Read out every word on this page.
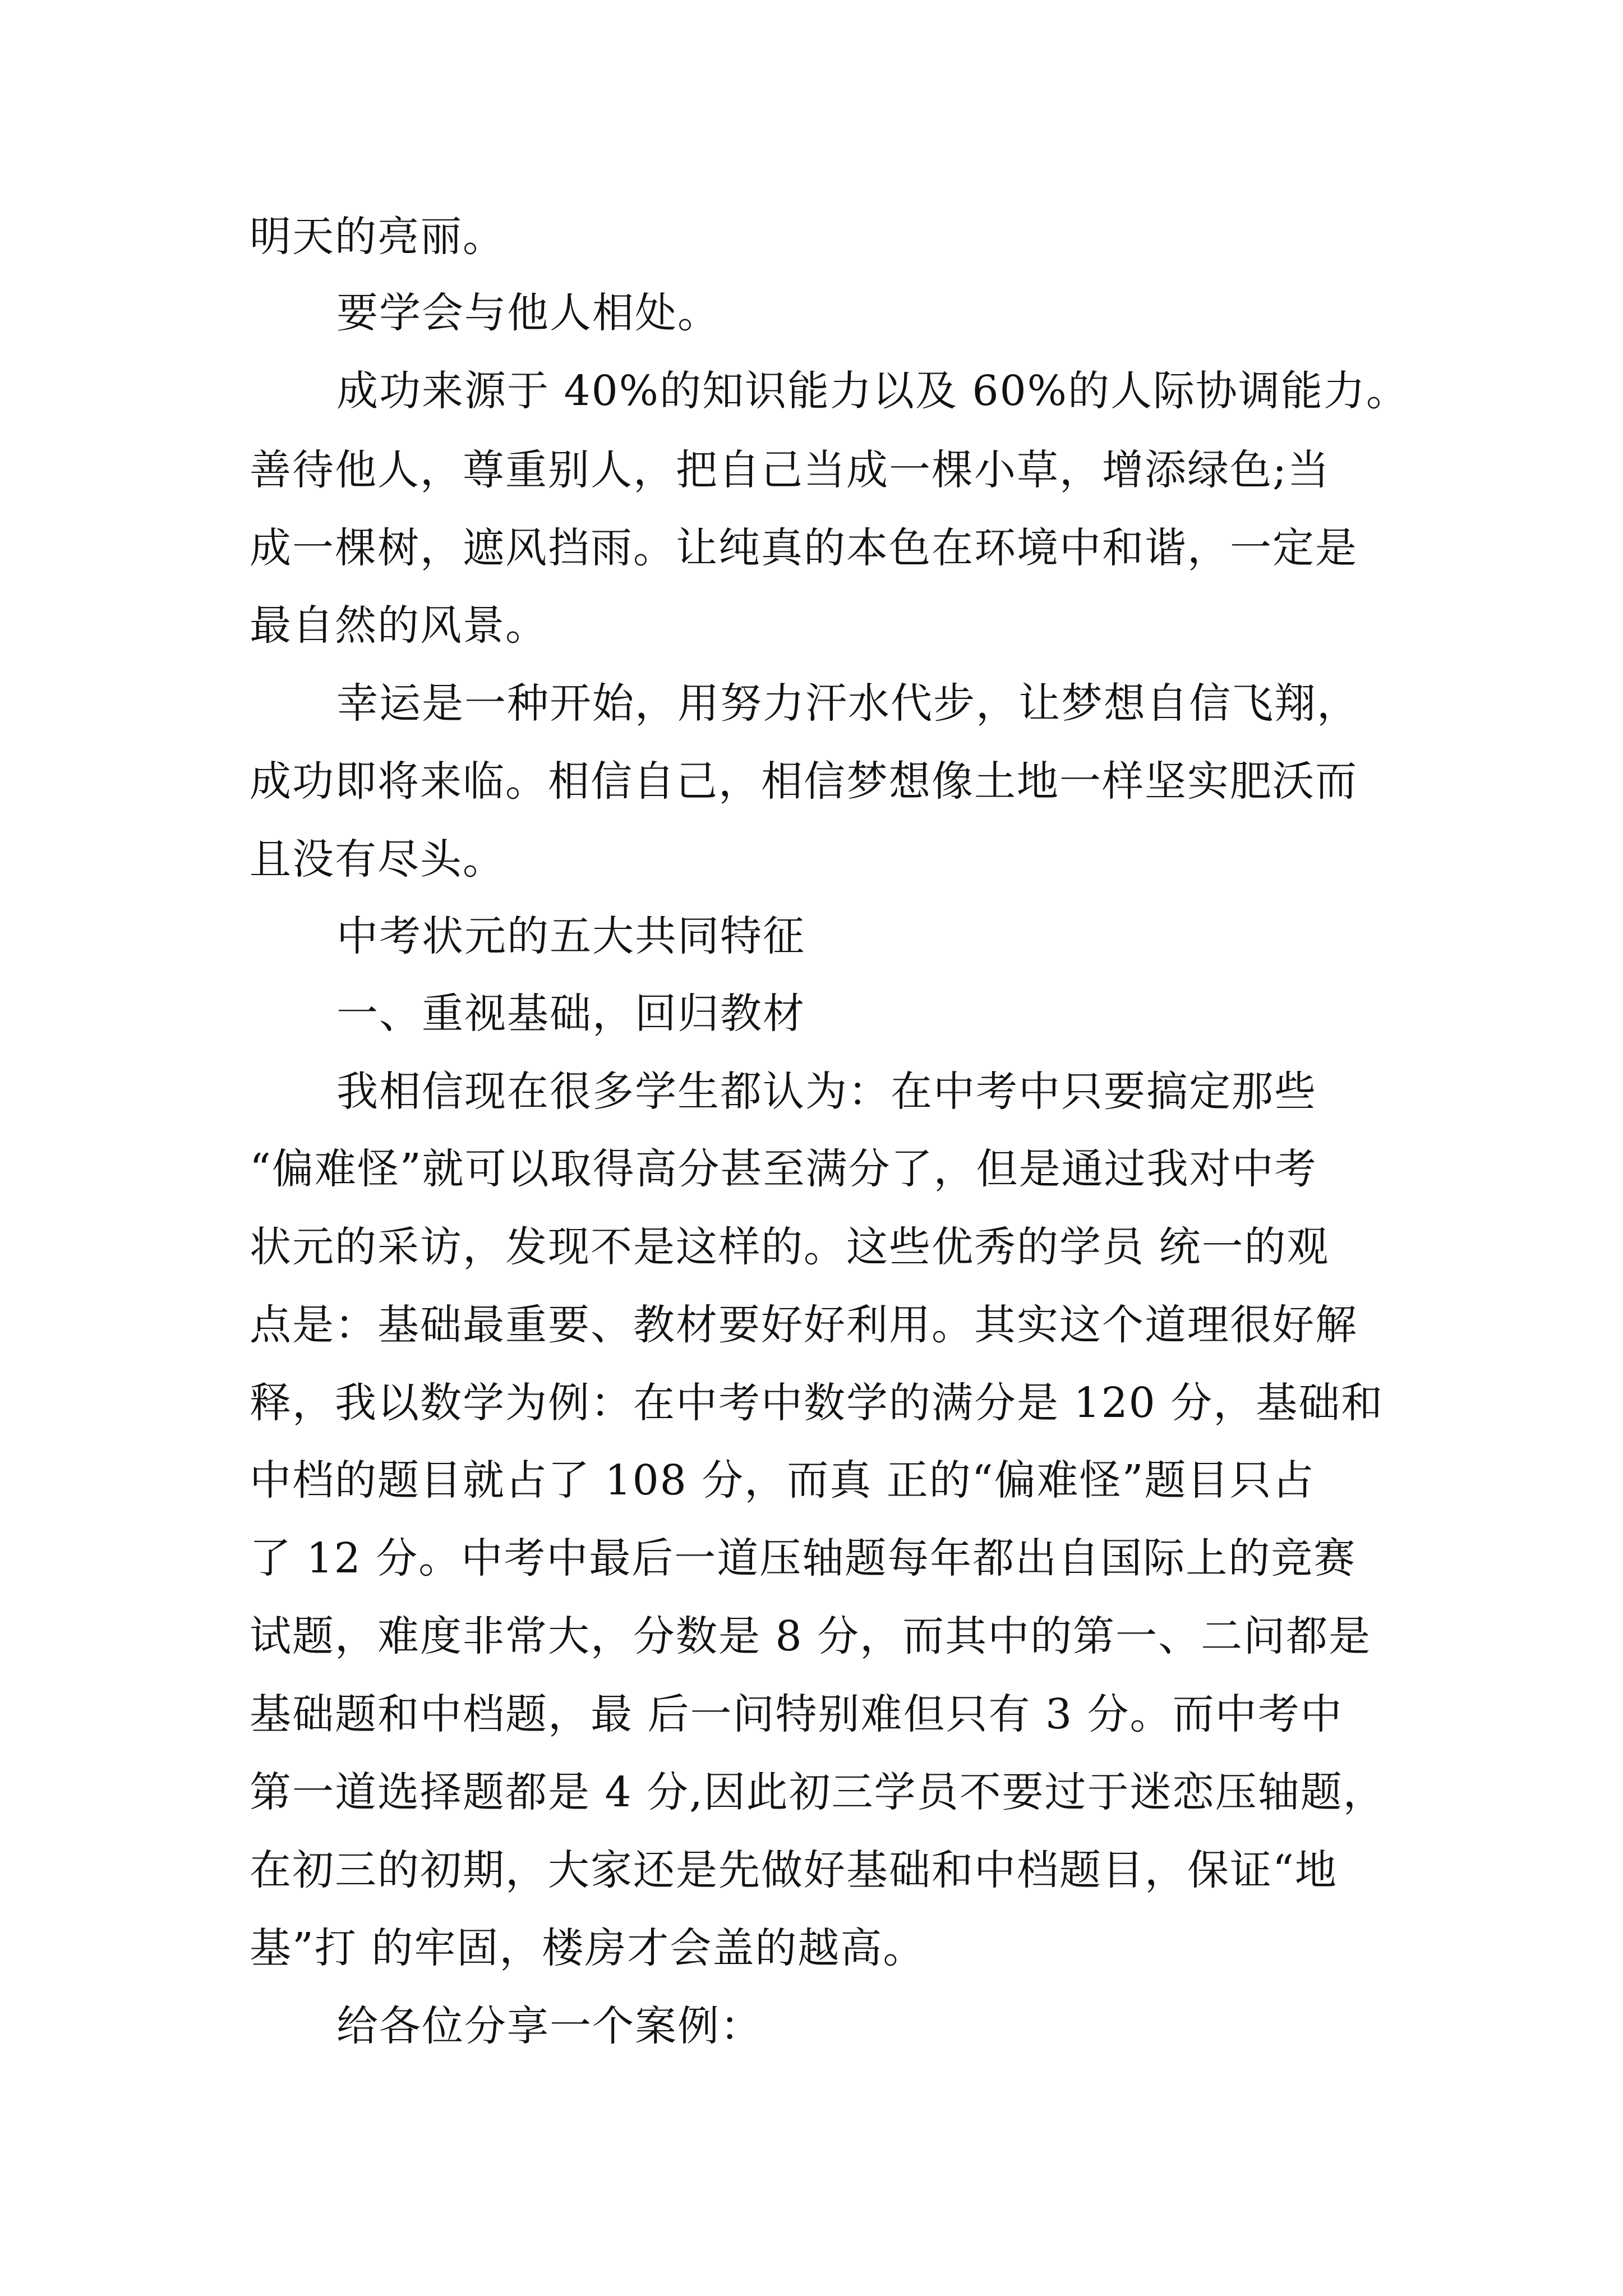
明天的亮丽。

要学会与他人相处。

成功来源于 40%的知识能力以及 60%的人际协调能力。

善待他人，尊重别人，把自己当成一棵小草，增添绿色;当

成一棵树，遮风挡雨。让纯真的本色在环境中和谐，一定是

最自然的风景。

幸运是一种开始，用努力汗水代步，让梦想自信飞翔，

成功即将来临。相信自己，相信梦想像土地一样坚实肥沃而

且没有尽头。

中考状元的五大共同特征

一、重视基础，回归教材

我相信现在很多学生都认为：在中考中只要搞定那些

“偏难怪”就可以取得高分甚至满分了，但是通过我对中考

状元的采访，发现不是这样的。这些优秀的学员 统一的观

点是：基础最重要、教材要好好利用。其实这个道理很好解

释，我以数学为例：在中考中数学的满分是 120 分，基础和

中档的题目就占了 108 分，而真 正的“偏难怪”题目只占

了 12 分。中考中最后一道压轴题每年都出自国际上的竞赛

试题，难度非常大，分数是 8 分，而其中的第一、二问都是

基础题和中档题，最 后一问特别难但只有 3 分。而中考中

第一道选择题都是 4 分,因此初三学员不要过于迷恋压轴题，

在初三的初期，大家还是先做好基础和中档题目，保证“地

基”打 的牢固，楼房才会盖的越高。

给各位分享一个案例：
